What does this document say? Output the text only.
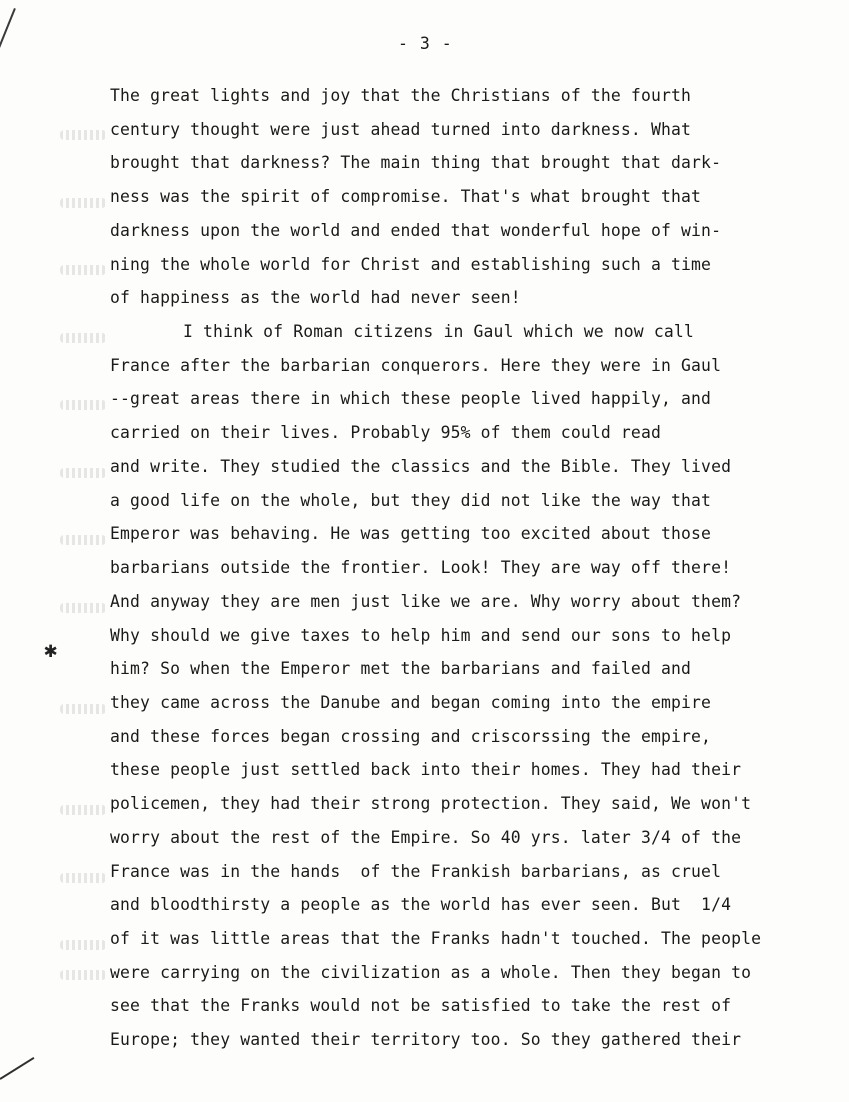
✱
- 3 -
The great lights and joy that the Christians of the fourth
century thought were just ahead turned into darkness. What
brought that darkness? The main thing that brought that dark-
ness was the spirit of compromise. That's what brought that
darkness upon the world and ended that wonderful hope of win-
ning the whole world for Christ and establishing such a time
of happiness as the world had never seen!
I think of Roman citizens in Gaul which we now call
France after the barbarian conquerors. Here they were in Gaul
--great areas there in which these people lived happily, and
carried on their lives. Probably 95% of them could read
and write. They studied the classics and the Bible. They lived
a good life on the whole, but they did not like the way that
Emperor was behaving. He was getting too excited about those
barbarians outside the frontier. Look! They are way off there!
And anyway they are men just like we are. Why worry about them?
Why should we give taxes to help him and send our sons to help
him? So when the Emperor met the barbarians and failed and
they came across the Danube and began coming into the empire
and these forces began crossing and criscorssing the empire,
these people just settled back into their homes. They had their
policemen, they had their strong protection. They said, We won't
worry about the rest of the Empire. So 40 yrs. later 3/4 of the
France was in the hands  of the Frankish barbarians, as cruel
and bloodthirsty a people as the world has ever seen. But  1/4
of it was little areas that the Franks hadn't touched. The people
were carrying on the civilization as a whole. Then they began to
see that the Franks would not be satisfied to take the rest of
Europe; they wanted their territory too. So they gathered their
